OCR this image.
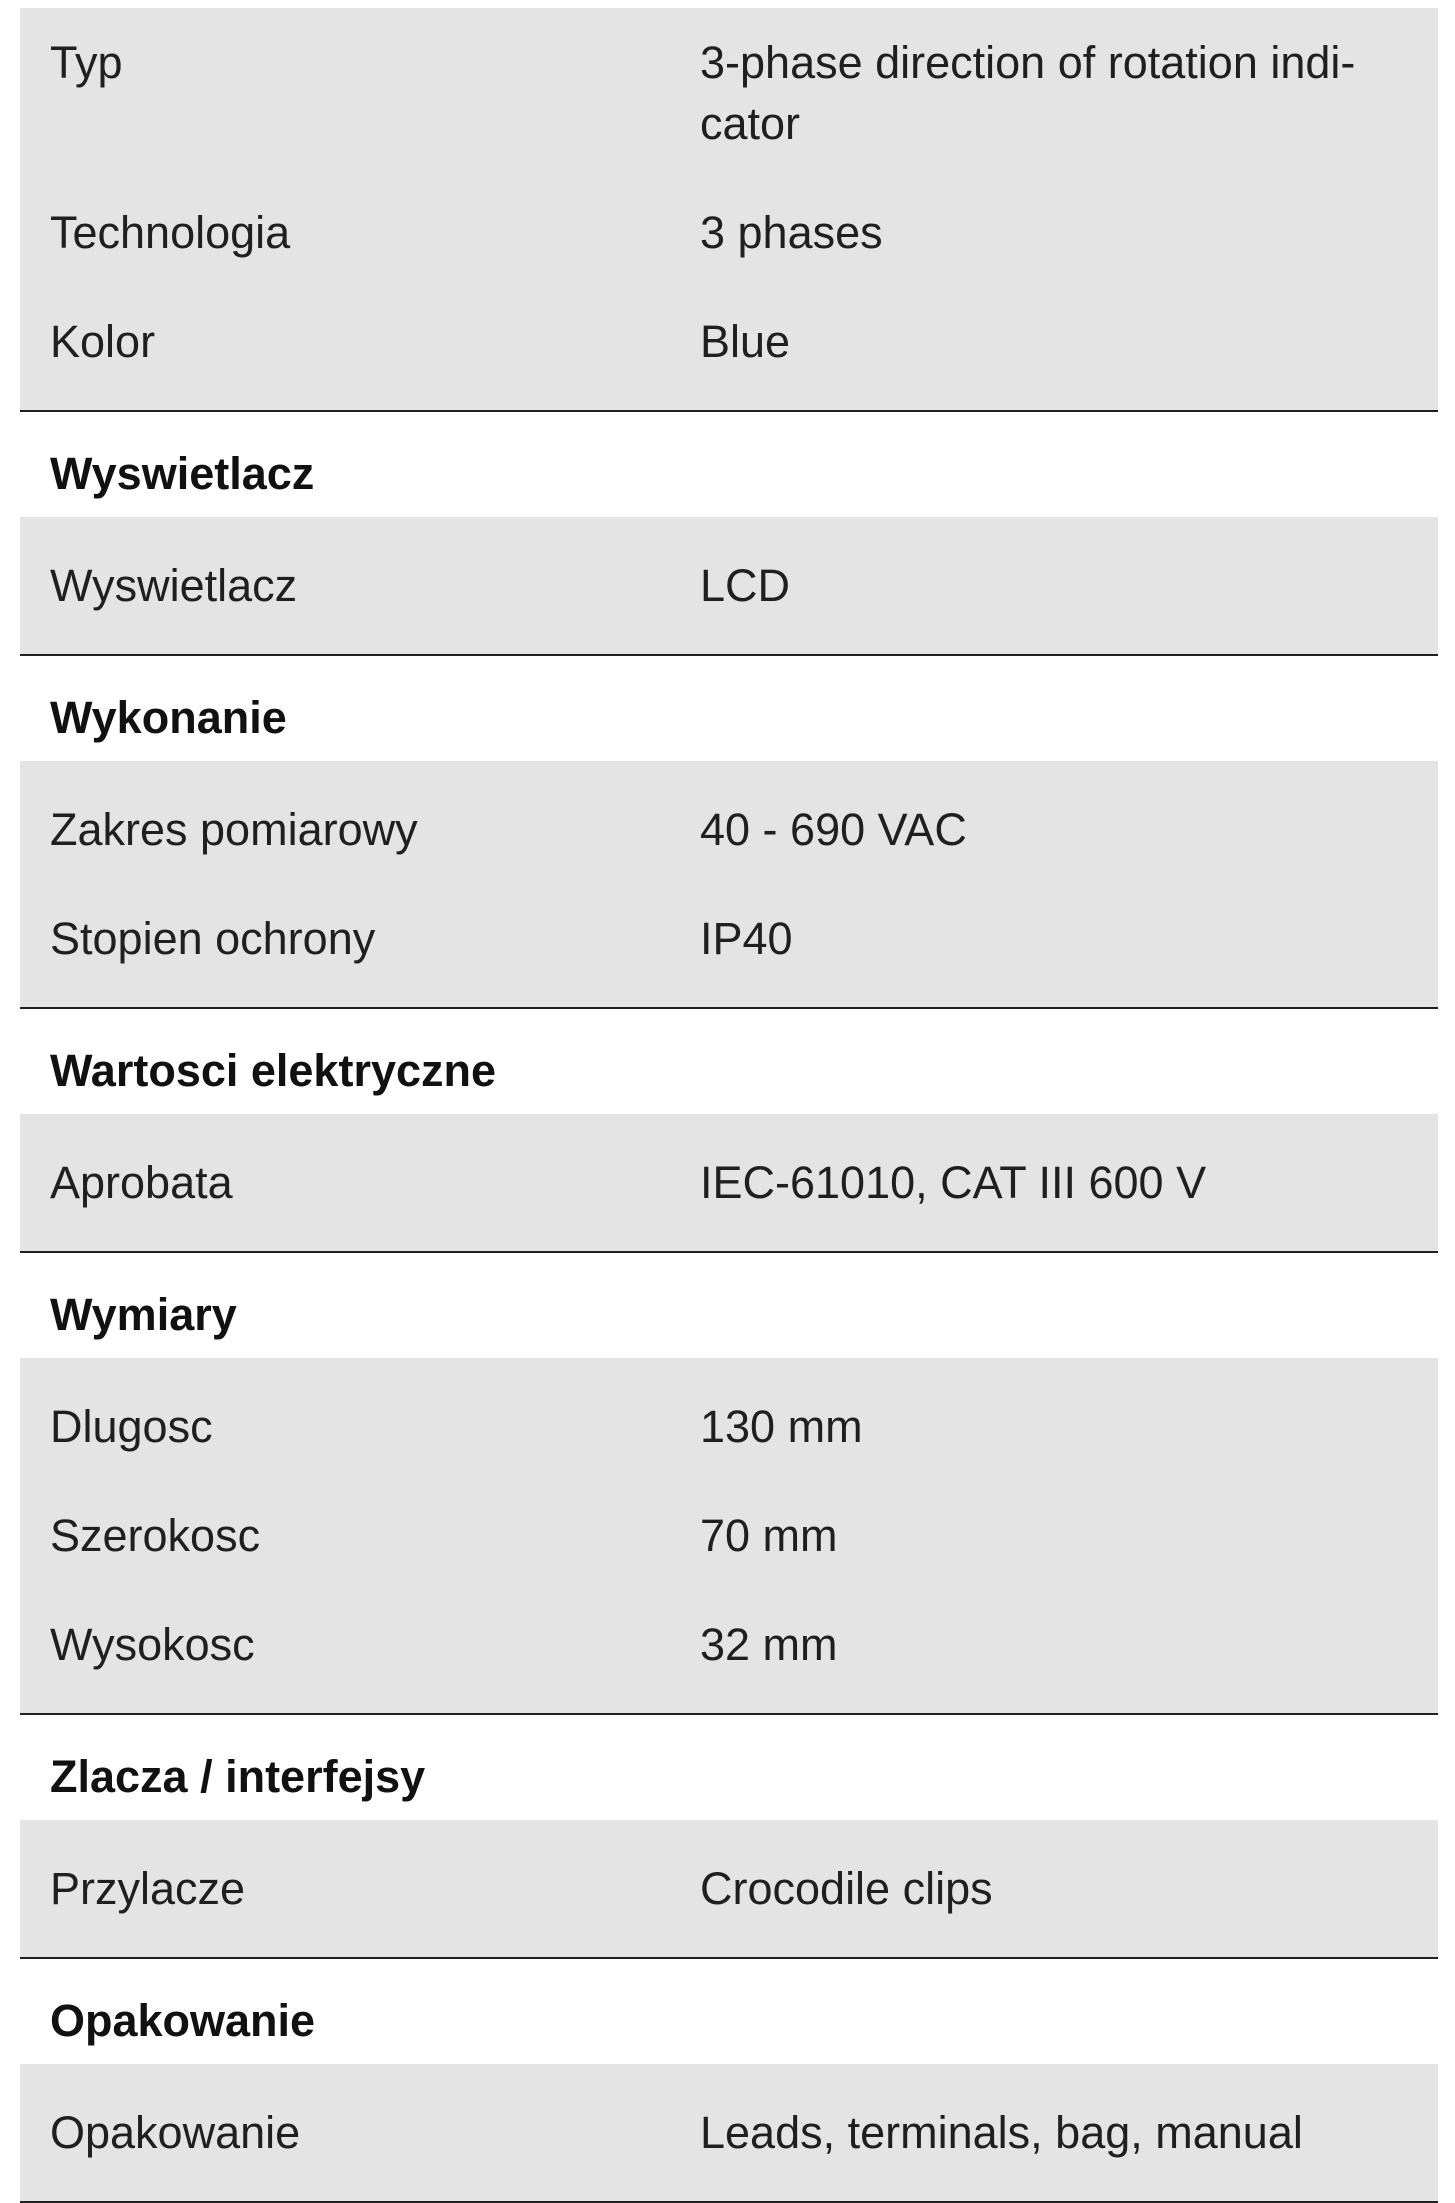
Typ	3-phase direction of rotation indi-
cator
Technologia	3 phases
Kolor	Blue
Wyswietlacz
Wyswietlacz	LCD
Wykonanie
Zakres pomiarowy	40 - 690 VAC
Stopien ochrony	IP40
Wartosci elektryczne
Aprobata	IEC-61010, CAT III 600 V
Wymiary
Dlugosc	130 mm
Szerokosc	70 mm
Wysokosc	32 mm
Zlacza / interfejsy
Przylacze	Crocodile clips
Opakowanie
Opakowanie	Leads, terminals, bag, manual
